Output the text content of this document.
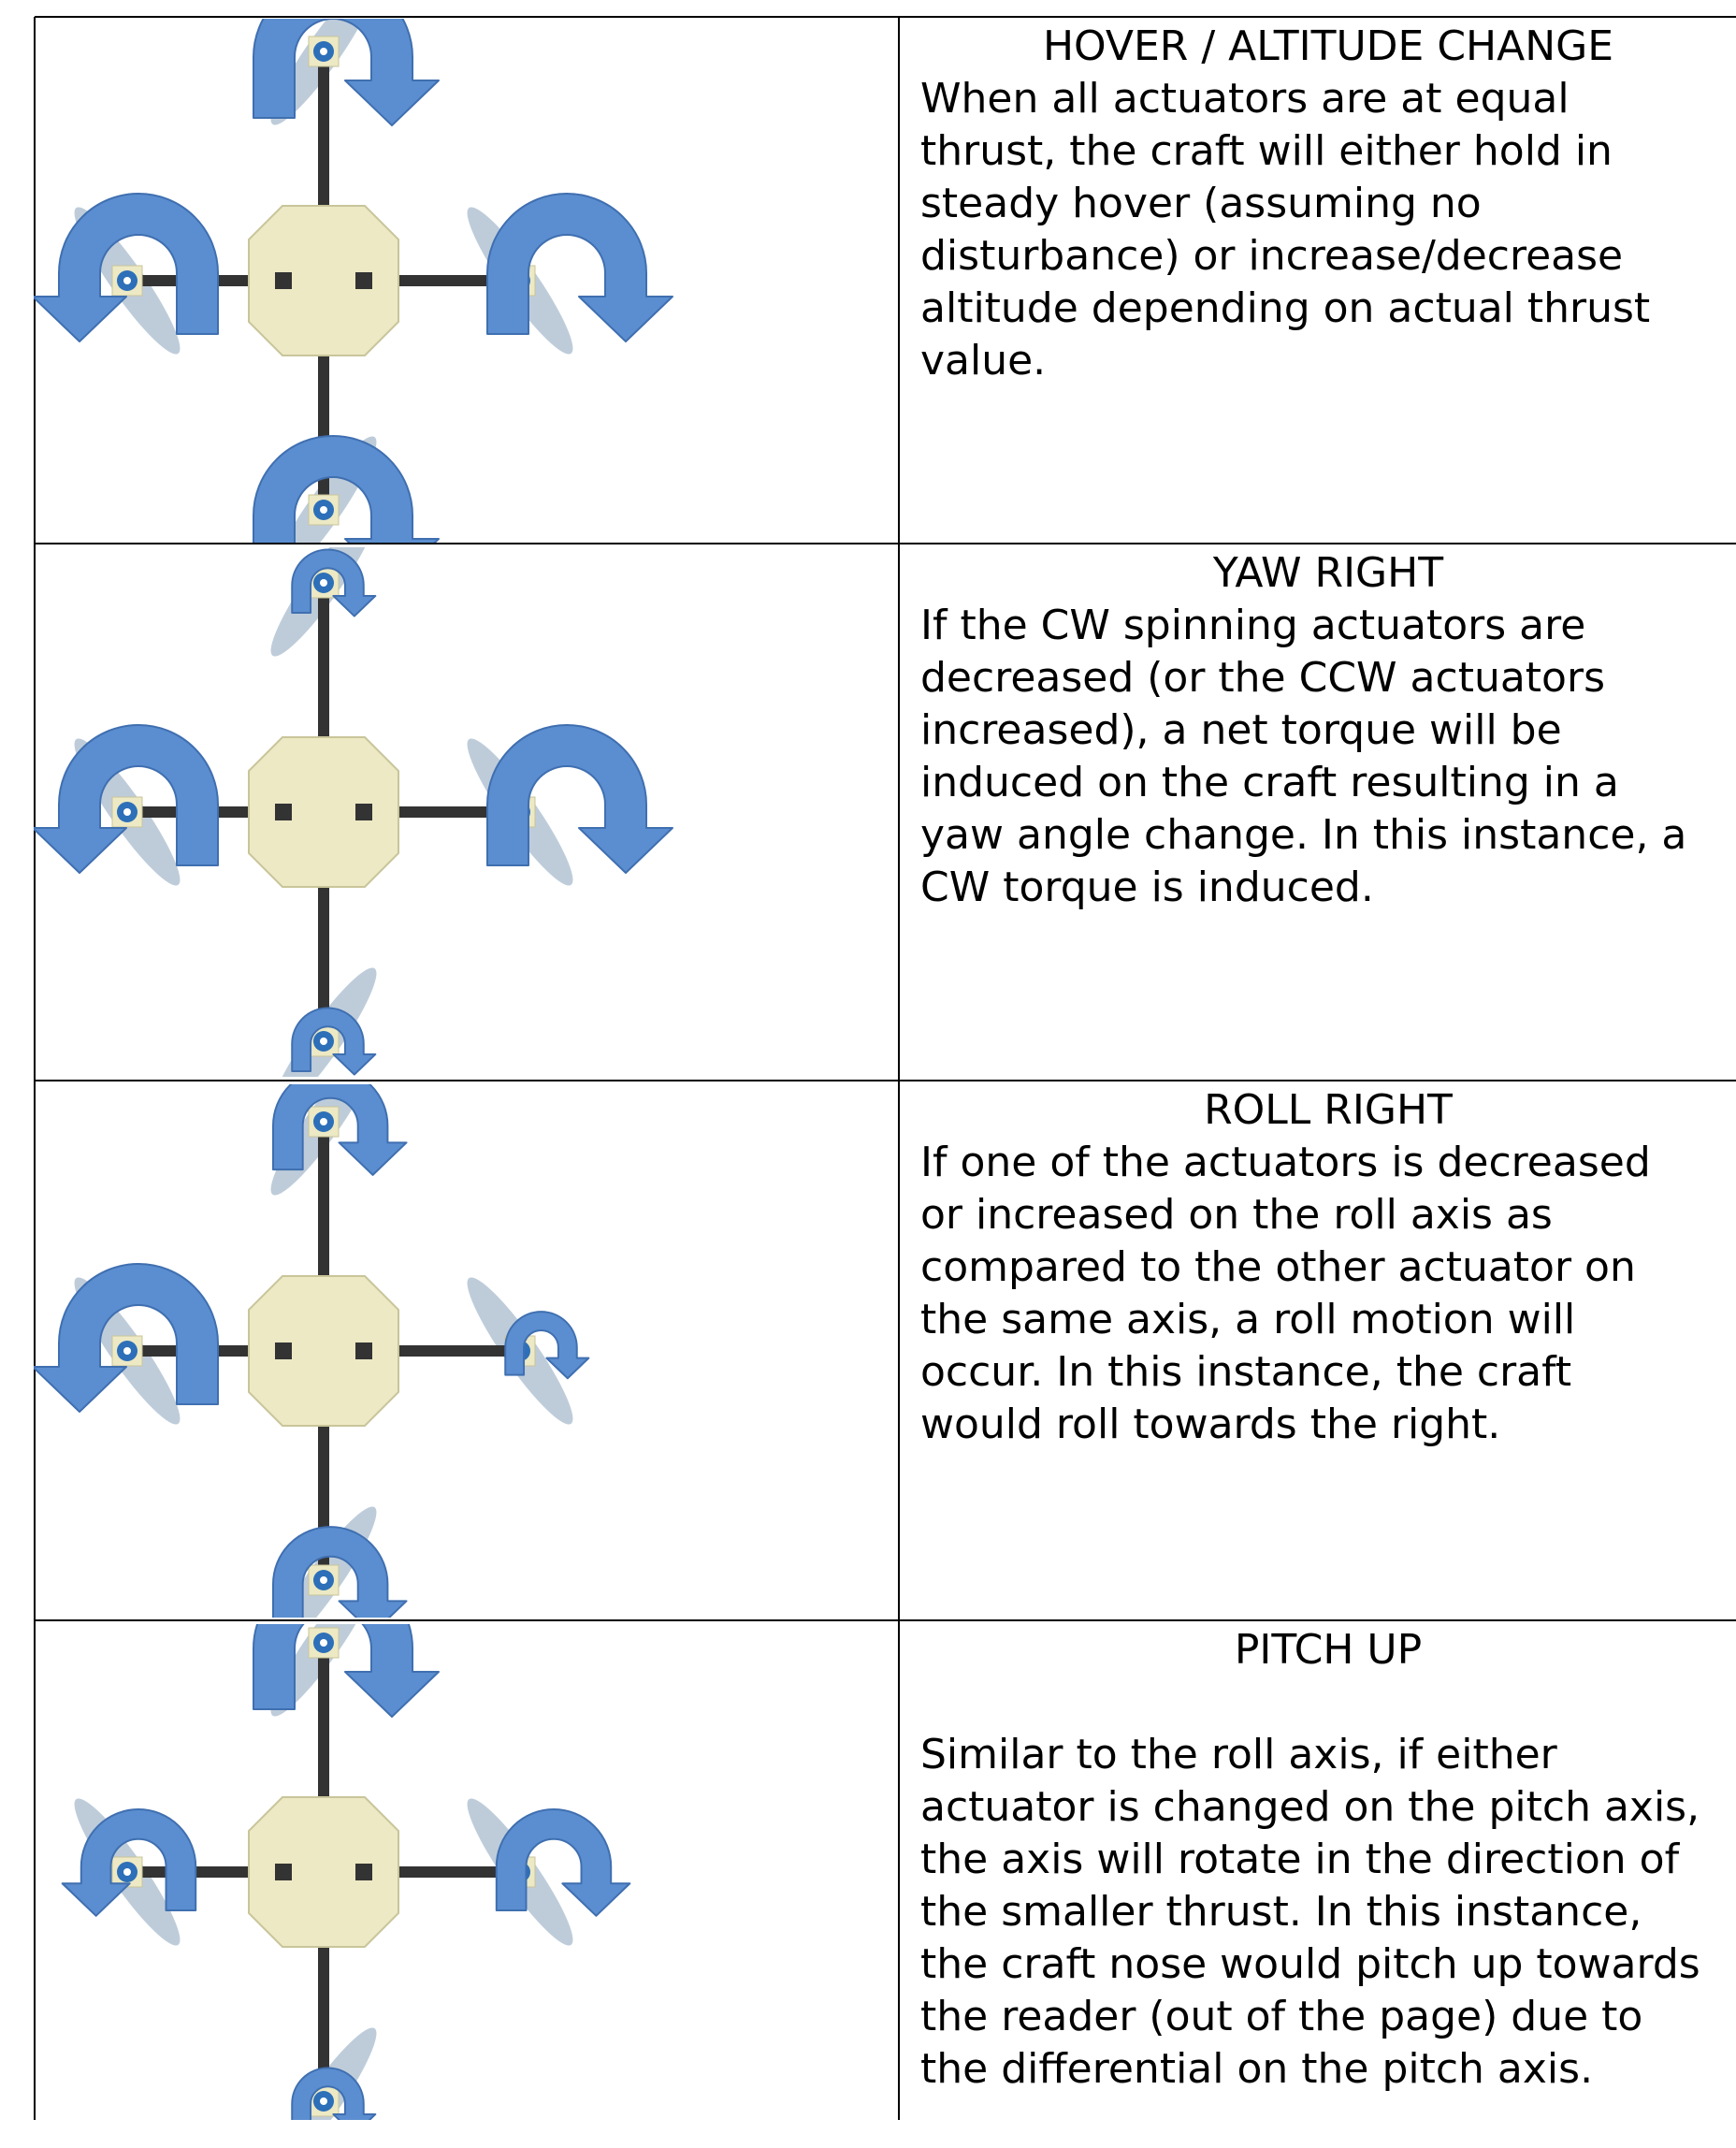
HOVER / ALTITUDE CHANGE
When all actuators are at equal
thrust, the craft will either hold in
steady hover (assuming no
disturbance) or increase/decrease
altitude depending on actual thrust
value.
YAW RIGHT
If the CW spinning actuators are
decreased (or the CCW actuators
increased), a net torque will be
induced on the craft resulting in a
yaw angle change. In this instance, a
CW torque is induced.
ROLL RIGHT
If one of the actuators is decreased
or increased on the roll axis as
compared to the other actuator on
the same axis, a roll motion will
occur. In this instance, the craft
would roll towards the right.
PITCH UP

Similar to the roll axis, if either
actuator is changed on the pitch axis,
the axis will rotate in the direction of
the smaller thrust. In this instance,
the craft nose would pitch up towards
the reader (out of the page) due to
the differential on the pitch axis.
